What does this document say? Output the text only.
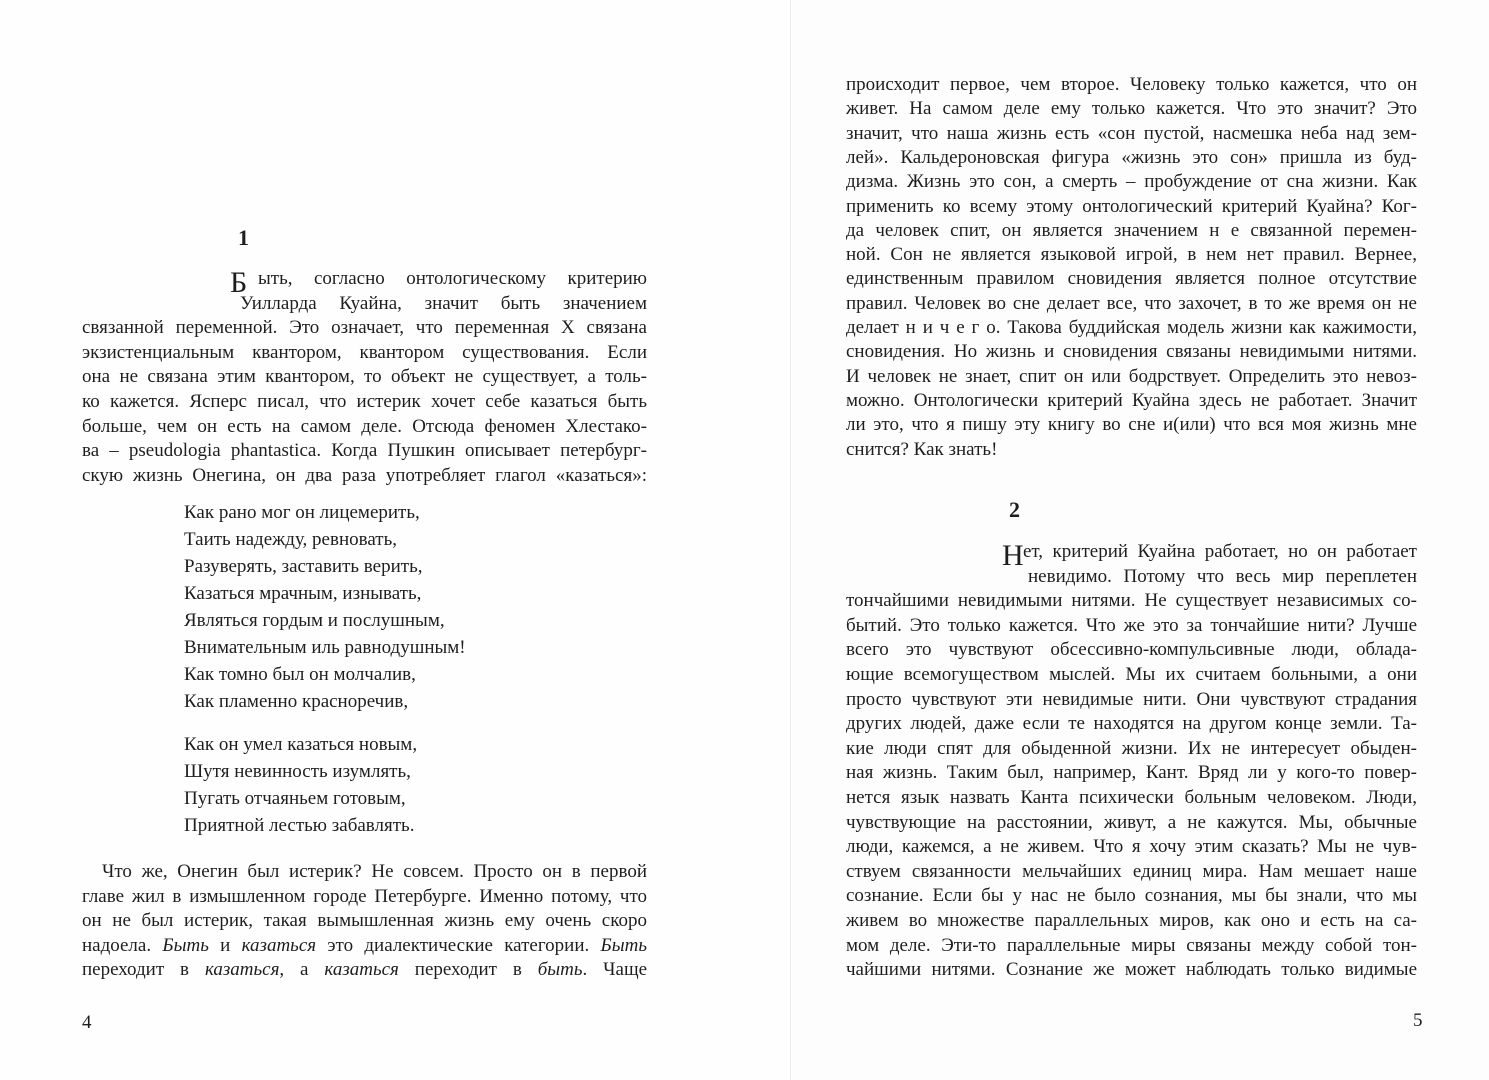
1
Б ыть, согласно онтологическому критерию
Уилларда Куайна, значит быть значением
связанной переменной. Это означает, что переменная X связана
экзистенциальным квантором, квантором существования. Если
она не связана этим квантором, то объект не существует, а толь-
ко кажется. Ясперс писал, что истерик хочет себе казаться быть
больше, чем он есть на самом деле. Отсюда феномен Хлестако-
ва – pseudologia phantastica. Когда Пушкин описывает петербург-
скую жизнь Онегина, он два раза употребляет глагол «казаться»:
Как рано мог он лицемерить,
Таить надежду, ревновать,
Разуверять, заставить верить,
Казаться мрачным, изнывать,
Являться гордым и послушным,
Внимательным иль равнодушным!
Как томно был он молчалив,
Как пламенно красноречив,
Как он умел казаться новым,
Шутя невинность изумлять,
Пугать отчаяньем готовым,
Приятной лестью забавлять.
Что же, Онегин был истерик? Не совсем. Просто он в первой
главе жил в измышленном городе Петербурге. Именно потому, что
он не был истерик, такая вымышленная жизнь ему очень скоро
надоела. Быть и казаться это диалектические категории. Быть
переходит в казаться, а казаться переходит в быть. Чаще
4
происходит первое, чем второе. Человеку только кажется, что он
живет. На самом деле ему только кажется. Что это значит? Это
значит, что наша жизнь есть «сон пустой, насмешка неба над зем-
лей». Кальдероновская фигура «жизнь это сон» пришла из буд-
дизма. Жизнь это сон, а смерть – пробуждение от сна жизни. Как
применить ко всему этому онтологический критерий Куайна? Ког-
да человек спит, он является значением н е связанной перемен-
ной. Сон не является языковой игрой, в нем нет правил. Вернее,
единственным правилом сновидения является полное отсутствие
правил. Человек во сне делает все, что захочет, в то же время он не
делает н и ч е г о. Такова буддийская модель жизни как кажимости,
сновидения. Но жизнь и сновидения связаны невидимыми нитями.
И человек не знает, спит он или бодрствует. Определить это невоз-
можно. Онтологически критерий Куайна здесь не работает. Значит
ли это, что я пишу эту книгу во сне и(или) что вся моя жизнь мне
снится? Как знать!
2
Н ет, критерий Куайна работает, но он работает
невидимо. Потому что весь мир переплетен
тончайшими невидимыми нитями. Не существует независимых со-
бытий. Это только кажется. Что же это за тончайшие нити? Лучше
всего это чувствуют обсессивно-компульсивные люди, облада-
ющие всемогуществом мыслей. Мы их считаем больными, а они
просто чувствуют эти невидимые нити. Они чувствуют страдания
других людей, даже если те находятся на другом конце земли. Та-
кие люди спят для обыденной жизни. Их не интересует обыден-
ная жизнь. Таким был, например, Кант. Вряд ли у кого-то повер-
нется язык назвать Канта психически больным человеком. Люди,
чувствующие на расстоянии, живут, а не кажутся. Мы, обычные
люди, кажемся, а не живем. Что я хочу этим сказать? Мы не чув-
ствуем связанности мельчайших единиц мира. Нам мешает наше
сознание. Если бы у нас не было сознания, мы бы знали, что мы
живем во множестве параллельных миров, как оно и есть на са-
мом деле. Эти-то параллельные миры связаны между собой тон-
чайшими нитями. Сознание же может наблюдать только видимые
5
